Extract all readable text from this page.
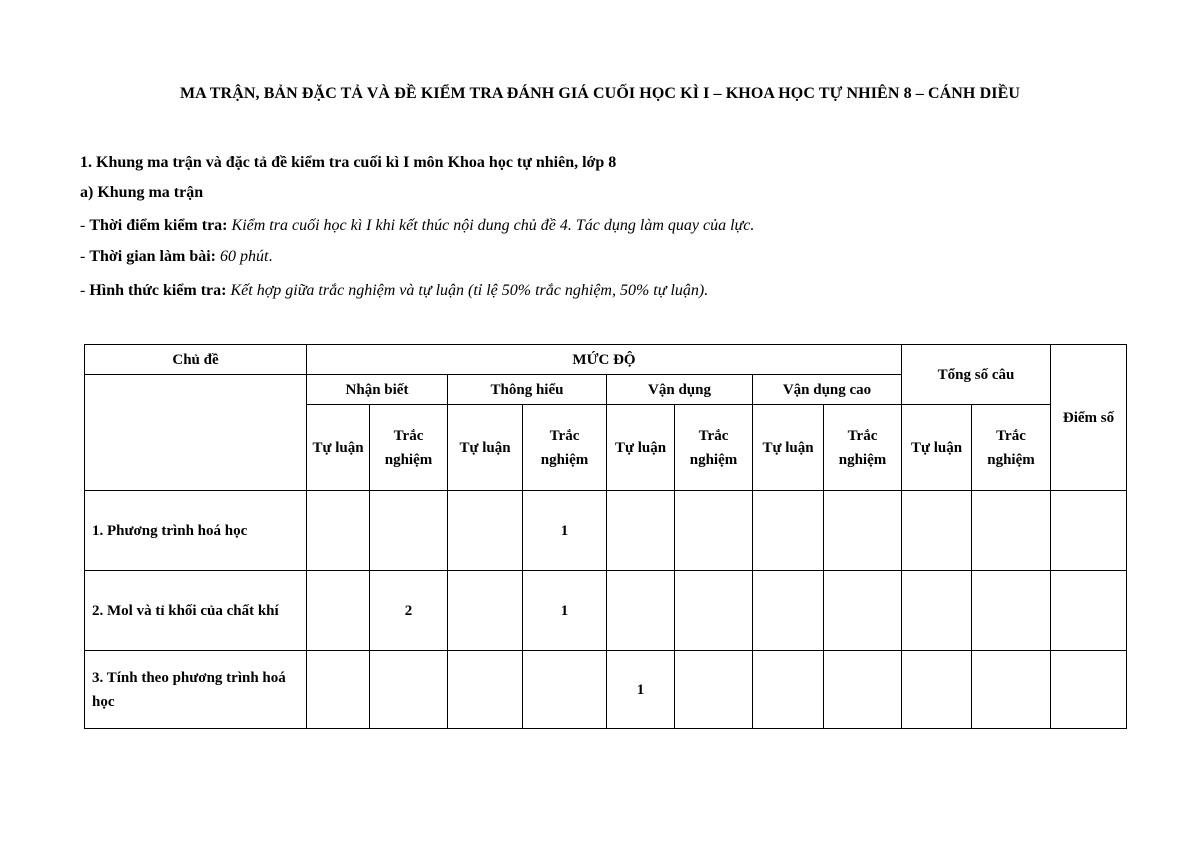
MA TRẬN, BẢN ĐẶC TẢ VÀ ĐỀ KIỂM TRA ĐÁNH GIÁ CUỐI HỌC KÌ I – KHOA HỌC TỰ NHIÊN 8 – CÁNH DIỀU
1. Khung ma trận và đặc tả đề kiểm tra cuối kì I môn Khoa học tự nhiên, lớp 8
a) Khung ma trận
- Thời điểm kiểm tra: Kiểm tra cuối học kì I khi kết thúc nội dung chủ đề 4. Tác dụng làm quay của lực.
- Thời gian làm bài: 60 phút.
- Hình thức kiểm tra: Kết hợp giữa trắc nghiệm và tự luận (tỉ lệ 50% trắc nghiệm, 50% tự luận).
Chủ đề	MỨC ĐỘ								Tổng số câu		Điểm số
	Nhận biết		Thông hiểu		Vận dụng		Vận dụng cao				
	Tự luận	Trắc nghiệm	Tự luận	Trắc nghiệm	Tự luận	Trắc nghiệm	Tự luận	Trắc nghiệm	Tự luận	Trắc nghiệm	
1. Phương trình hoá học				1							
2. Mol và tỉ khối của chất khí		2		1							
3. Tính theo phương trình hoá học					1						
